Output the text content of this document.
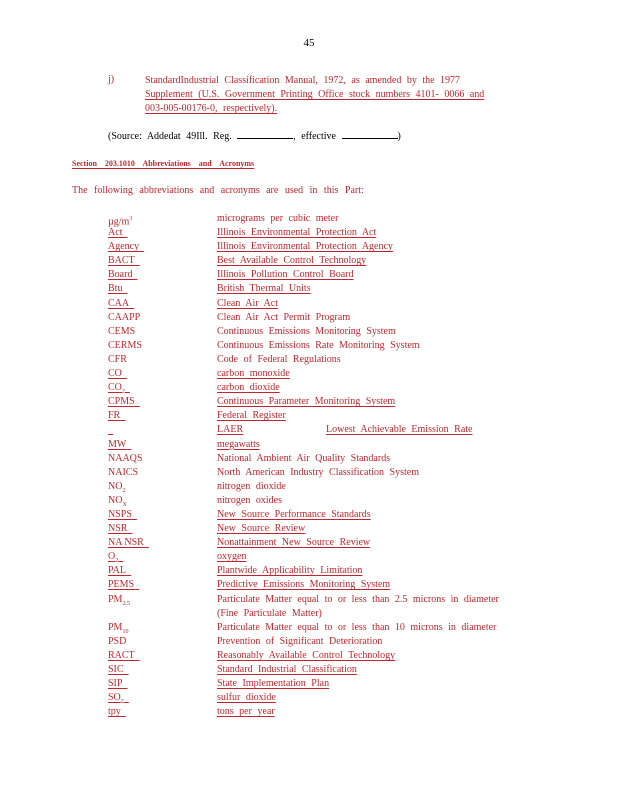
45
j)	StandardIndustrial Classification Manual, 1972, as amended by the 1977
Supplement (U.S. Government Printing Office stock numbers 4101- 0066 and
003-005-00176-0, respectively).
(Source: Addedat 49Ill. Reg.	, effective	)
Section 203.1010 Abbreviations and Acronyms
The following abbreviations and acronyms are used in this Part:
$\mu g/m^3$	micrograms per cubic meter
Act	Illinois Environmental Protection Act
Agency	Illinois Environmental Protection Agency
BACT	Best Available Control Technology
Board	Illinois Pollution Control Board
Btu	British Thermal Units
CAA	Clean Air Act
CAAPP	Clean Air Act Permit Program
CEMS	Continuous Emissions Monitoring System
CERMS	Continuous Emissions Rate Monitoring System
CFR	Code of Federal Regulations
CO	carbon monoxide
$CO_2$	carbon dioxide
CPMS	Continuous Parameter Monitoring System
FR	Federal Register

LAER	Lowest Achievable Emission Rate
MW	megawatts
NAAQS	National Ambient Air Quality Standards
NAICS	North American Industry Classification System
$NO_2$	nitrogen dioxide
$NO_X$	nitrogen oxides
NSPS	New Source Performance Standards
NSR	New Source Review
NA NSR	Nonattainment New Source Review
$O_2$	oxygen
PAL	Plantwide Applicability Limitation
PEMS	Predictive Emissions Monitoring System
$PM_{2.5}$	Particulate Matter equal to or less than 2.5 microns in diameter (Fine Particulate Matter)
$PM_{10}$	Particulate Matter equal to or less than 10 microns in diameter
PSD	Prevention of Significant Deterioration
RACT	Reasonably Available Control Technology
SIC	Standard Industrial Classification
SIP	State Implementation Plan
$SO_2$	sulfur dioxide
tpy	tons per year
